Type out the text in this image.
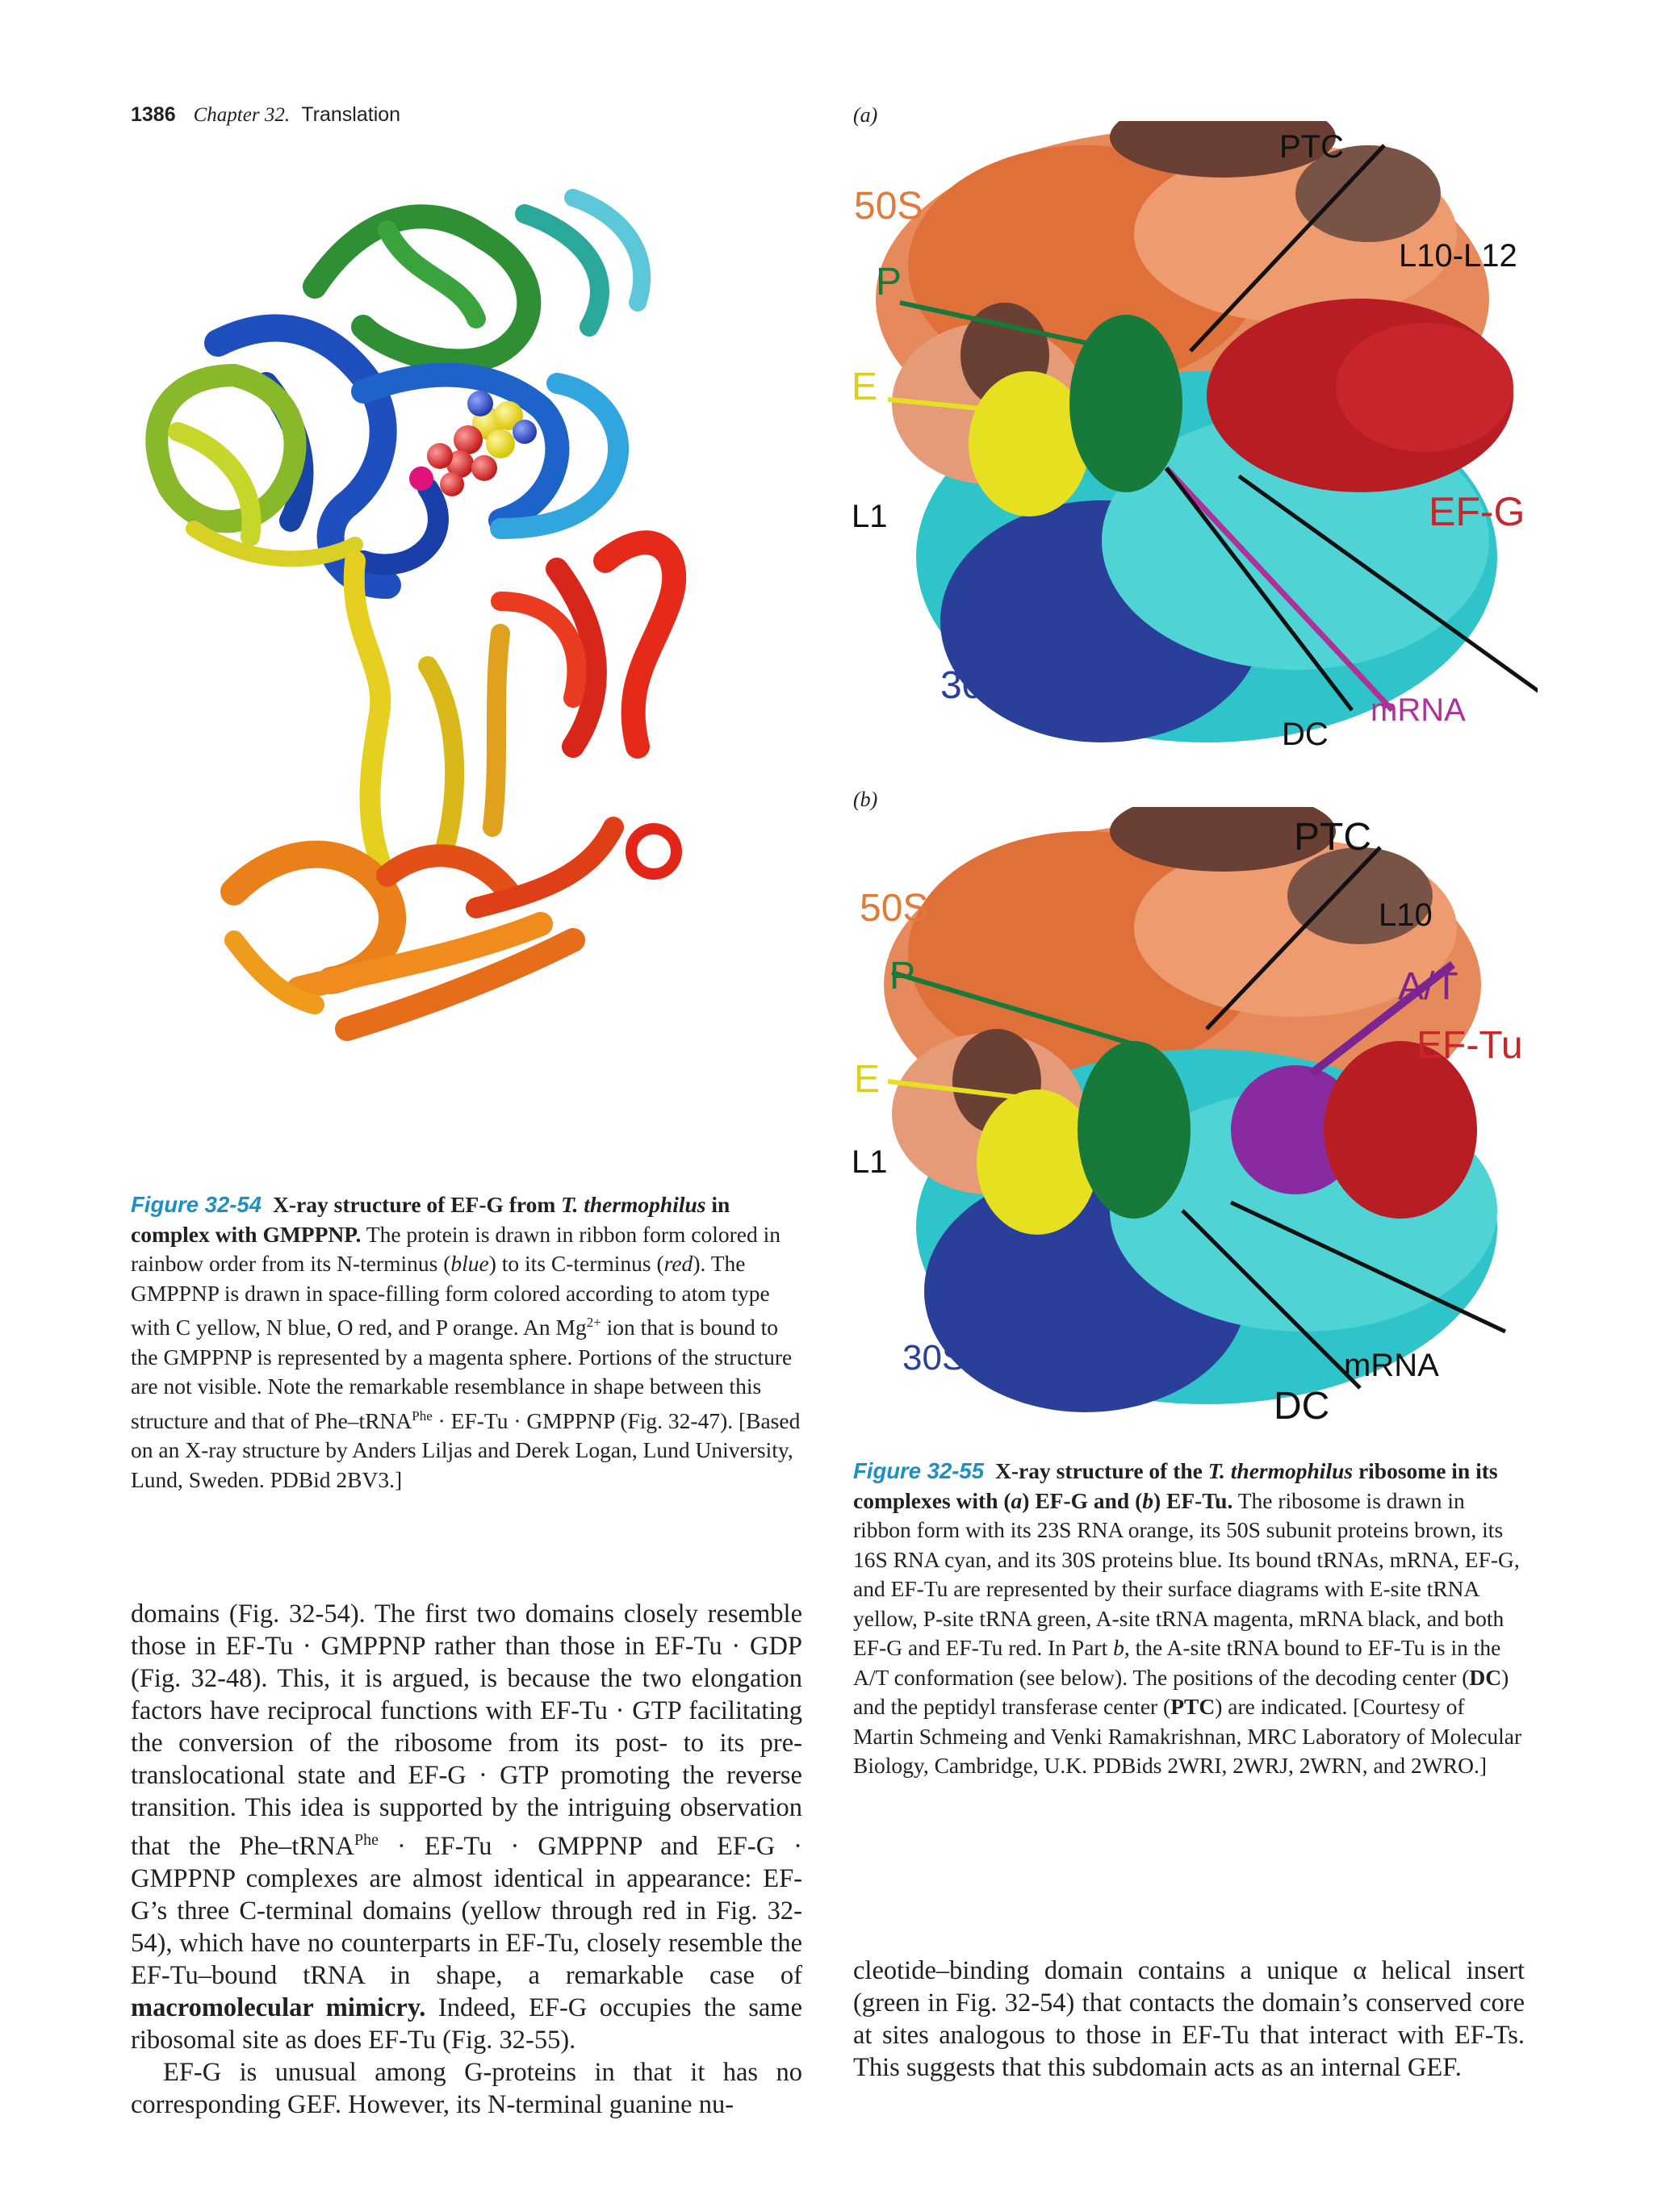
1386 Chapter 32. Translation
Figure 32-54 X-ray structure of EF-G from T. thermophilus in complex with GMPPNP. The protein is drawn in ribbon form colored in rainbow order from its N-terminus (blue) to its C-terminus (red). The GMPPNP is drawn in space-filling form colored according to atom type with C yellow, N blue, O red, and P orange. An $Mg^{2+}$ ion that is bound to the GMPPNP is represented by a magenta sphere. Portions of the structure are not visible. Note the remarkable resemblance in shape between this structure and that of Phe–tRNA$^{Phe}$ · EF-Tu · GMPPNP (Fig. 32-47). [Based on an X-ray structure by Anders Liljas and Derek Logan, Lund University, Lund, Sweden. PDBid 2BV3.]
(a)
PTC
50S
L10-L12
P
E
L1	EF-G
30S
DC
mRNA
(b)
PTC
50S	L10
P	A/T
EF-Tu
E
L1
30S	mRNA
DC
Figure 32-55 X-ray structure of the T. thermophilus ribosome in its complexes with (a) EF-G and (b) EF-Tu. The ribosome is drawn in ribbon form with its 23S RNA orange, its 50S subunit proteins brown, its 16S RNA cyan, and its 30S proteins blue. Its bound tRNAs, mRNA, EF-G, and EF-Tu are represented by their surface diagrams with E-site tRNA yellow, P-site tRNA green, A-site tRNA magenta, mRNA black, and both EF-G and EF-Tu red. In Part b, the A-site tRNA bound to EF-Tu is in the A/T conformation (see below). The positions of the decoding center (DC) and the peptidyl transferase center (PTC) are indicated. [Courtesy of Martin Schmeing and Venki Ramakrishnan, MRC Laboratory of Molecular Biology, Cambridge, U.K. PDBids 2WRI, 2WRJ, 2WRN, and 2WRO.]

domains (Fig. 32-54). The first two domains closely resemble those in EF-Tu · GMPPNP rather than those in EF-Tu · GDP (Fig. 32-48). This, it is argued, is because the two elongation factors have reciprocal functions with EF-Tu · GTP facilitating the conversion of the ribosome from its post- to its pre-translocational state and EF-G · GTP promoting the reverse transition. This idea is supported by the intriguing observation that the Phe–tRNA$^{Phe}$ · EF-Tu · GMPPNP and EF-G · GMPPNP complexes are almost identical in appearance: EF-G’s three C-terminal domains (yellow through red in Fig. 32-54), which have no counterparts in EF-Tu, closely resemble the EF-Tu–bound tRNA in shape, a remarkable case of macromolecular mimicry. Indeed, EF-G occupies the same ribosomal site as does EF-Tu (Fig. 32-55).

EF-G is unusual among G-proteins in that it has no corresponding GEF. However, its N-terminal guanine nu-

cleotide–binding domain contains a unique α helical insert (green in Fig. 32-54) that contacts the domain’s conserved core at sites analogous to those in EF-Tu that interact with EF-Ts. This suggests that this subdomain acts as an internal GEF.
